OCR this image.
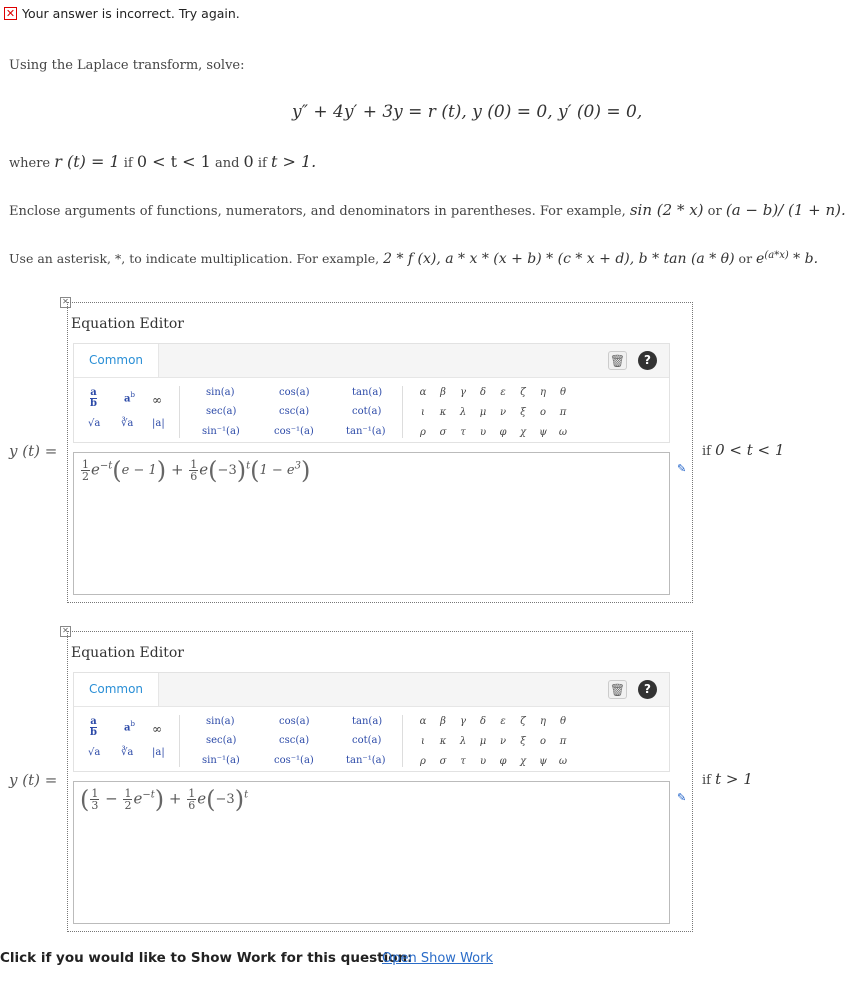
✕ Your answer is incorrect. Try again.
Using the Laplace transform, solve:
y″ + 4y′ + 3y = r (t), y (0) = 0, y′ (0) = 0,
where r (t) = 1 if 0 < t < 1 and 0 if t > 1.
Enclose arguments of functions, numerators, and denominators in parentheses. For example, sin (2 * x) or (a − b)/ (1 + n).
Use an asterisk, *, to indicate multiplication. For example, 2 * f (x), a * x * (x + b) * (c * x + d), b * tan (a * θ) or $e^{(a*x)}$ * b.
✕
Equation Editor
Common	🗑	?
a
b	$a^b$ ∞
√a ∛a |a|
sin(a)
sec(a)
sin⁻¹(a)
cos(a)
csc(a)
cos⁻¹(a)
tan(a)
cot(a)
tan⁻¹(a)
α	β	γ	δ	ε	ζ	η	θ
ι	κ λ μ ν	ξ	ο π
ρ	σ	τ	υ φ χ ψ ω
$\frac{1}{2} e^{-t}(e - 1) + \frac{1}{6} e(-3)^t(1 - e^3)$
y (t) =
✎
if 0 < t < 1
✕
Equation Editor
Common	🗑	?
a
b	$a^b$ ∞
√a ∛a |a|
sin(a)
sec(a)
sin⁻¹(a)
cos(a)
csc(a)
cos⁻¹(a)
tan(a)
cot(a)
tan⁻¹(a)
α	β	γ	δ	ε	ζ	η	θ
ι	κ λ μ ν	ξ	ο π
ρ	σ	τ	υ φ χ ψ ω
( $\frac{1}{3} - \frac{1}{2} e^{-t}) + \frac{1}{6} e(-3)^t$
y (t) =
✎
if t > 1
Click if you would like to Show Work for this question:
Open Show Work
